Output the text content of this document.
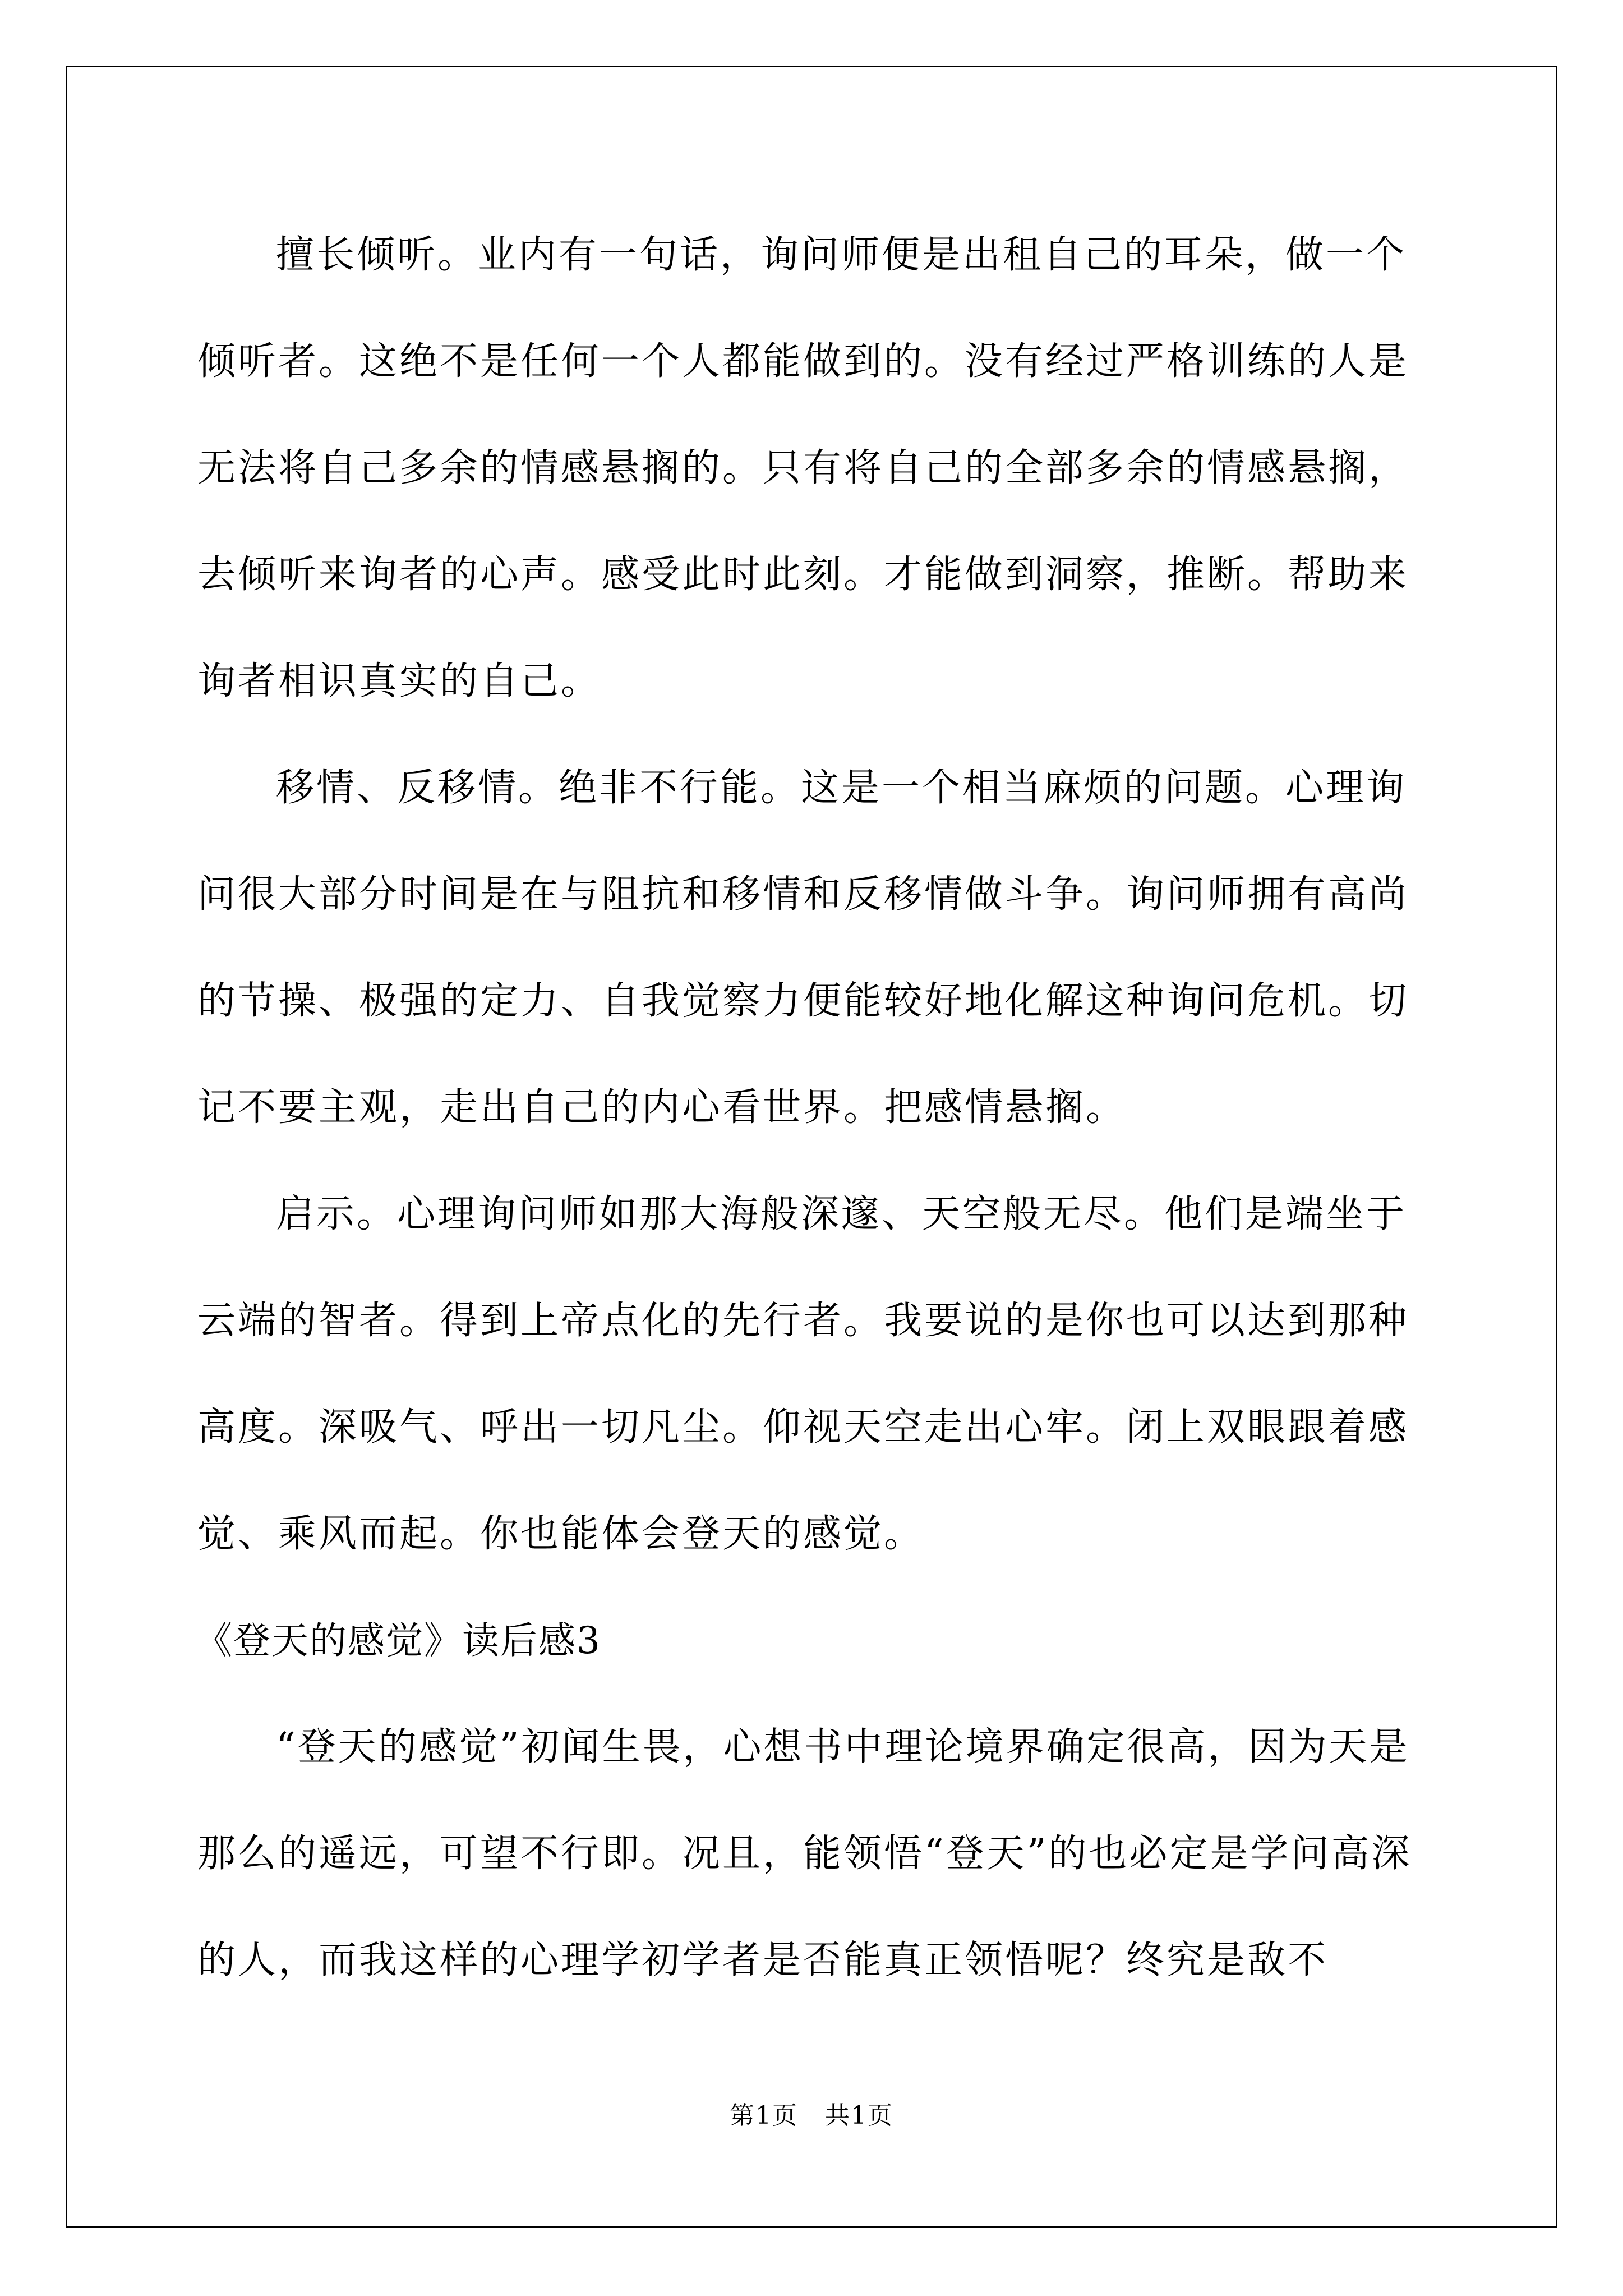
擅长倾听。业内有一句话，询问师便是出租自己的耳朵，做一个倾听者。这绝不是任何一个人都能做到的。没有经过严格训练的人是无法将自己多余的情感悬搁的。只有将自己的全部多余的情感悬搁，去倾听来询者的心声。感受此时此刻。才能做到洞察，推断。帮助来询者相识真实的自己。

移情、反移情。绝非不行能。这是一个相当麻烦的问题。心理询问很大部分时间是在与阻抗和移情和反移情做斗争。询问师拥有高尚的节操、极强的定力、自我觉察力便能较好地化解这种询问危机。切记不要主观，走出自己的内心看世界。把感情悬搁。

启示。心理询问师如那大海般深邃、天空般无尽。他们是端坐于云端的智者。得到上帝点化的先行者。我要说的是你也可以达到那种高度。深吸气、呼出一切凡尘。仰视天空走出心牢。闭上双眼跟着感觉、乘风而起。你也能体会登天的感觉。

《登天的感觉》读后感3

“登天的感觉”初闻生畏，心想书中理论境界确定很高，因为天是那么的遥远，可望不行即。况且，能领悟“登天”的也必定是学问高深的人，而我这样的心理学初学者是否能真正领悟呢？终究是敌不

第1页 共1页
